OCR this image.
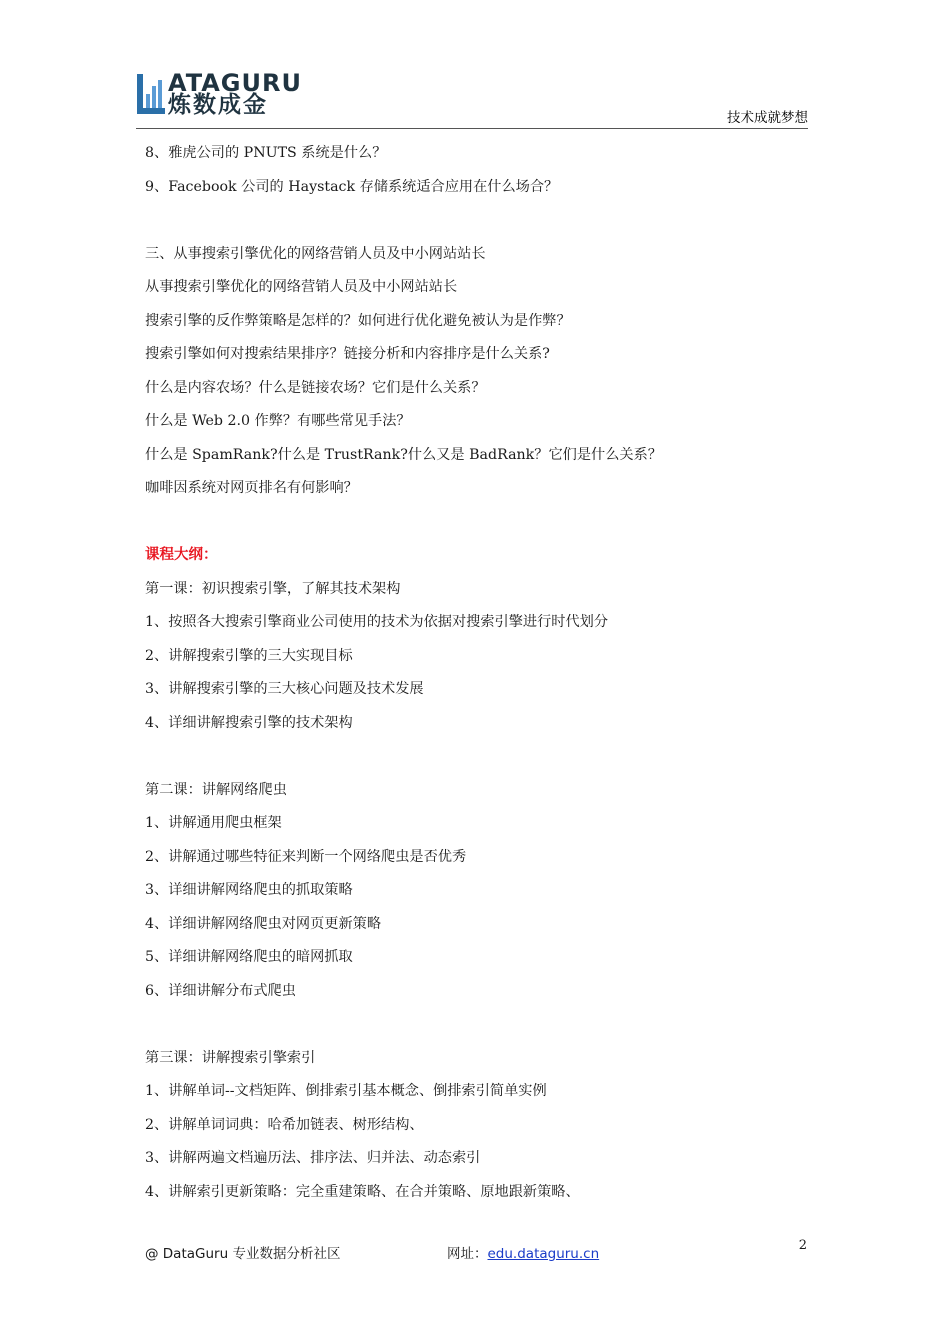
ATAGURU
炼数成金	技术成就梦想
8、雅虎公司的 PNUTS 系统是什么？
9、Facebook 公司的 Haystack 存储系统适合应用在什么场合？
三、从事搜索引擎优化的网络营销人员及中小网站站长
从事搜索引擎优化的网络营销人员及中小网站站长
搜索引擎的反作弊策略是怎样的？如何进行优化避免被认为是作弊？
搜索引擎如何对搜索结果排序？链接分析和内容排序是什么关系?
什么是内容农场？什么是链接农场？它们是什么关系？
什么是 Web 2.0 作弊？有哪些常见手法？
什么是 SpamRank?什么是 TrustRank?什么又是 BadRank？它们是什么关系？
咖啡因系统对网页排名有何影响？
课程大纲：
第一课：初识搜索引擎，了解其技术架构
1、按照各大搜索引擎商业公司使用的技术为依据对搜索引擎进行时代划分
2、讲解搜索引擎的三大实现目标
3、讲解搜索引擎的三大核心问题及技术发展
4、详细讲解搜索引擎的技术架构
第二课：讲解网络爬虫
1、讲解通用爬虫框架
2、讲解通过哪些特征来判断一个网络爬虫是否优秀
3、详细讲解网络爬虫的抓取策略
4、详细讲解网络爬虫对网页更新策略
5、详细讲解网络爬虫的暗网抓取
6、详细讲解分布式爬虫
第三课：讲解搜索引擎索引
1、讲解单词--文档矩阵、倒排索引基本概念、倒排索引简单实例
2、讲解单词词典：哈希加链表、树形结构、
3、讲解两遍文档遍历法、排序法、归并法、动态索引
4、讲解索引更新策略：完全重建策略、在合并策略、原地跟新策略、
@ DataGuru 专业数据分析社区	网址：edu.dataguru.cn
2
